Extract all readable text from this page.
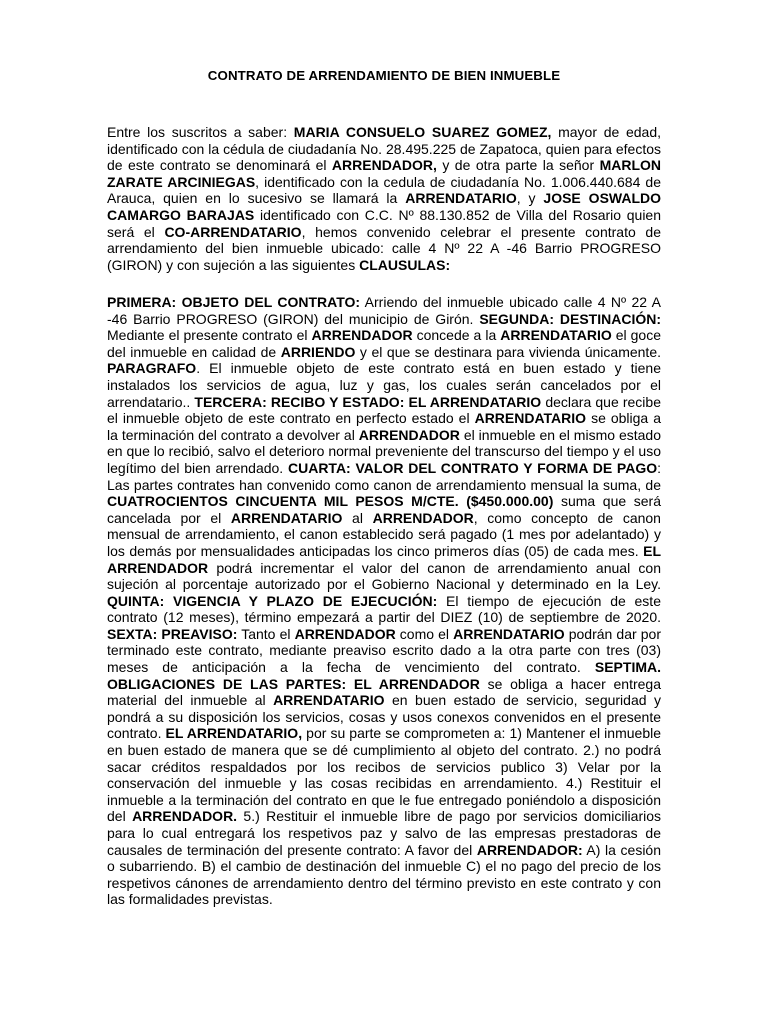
CONTRATO DE ARRENDAMIENTO DE BIEN INMUEBLE
Entre los suscritos a saber: MARIA CONSUELO SUAREZ GOMEZ, mayor de edad, identificado con la cédula de ciudadanía No. 28.495.225 de Zapatoca, quien para efectos de este contrato se denominará el ARRENDADOR, y de otra parte la señor MARLON ZARATE ARCINIEGAS, identificado con la cedula de ciudadanía No. 1.006.440.684 de Arauca, quien en lo sucesivo se llamará la ARRENDATARIO, y JOSE OSWALDO CAMARGO BARAJAS identificado con C.C. Nº 88.130.852 de Villa del Rosario quien será el CO-ARRENDATARIO, hemos convenido celebrar el presente contrato de arrendamiento del bien inmueble ubicado: calle 4 Nº 22 A -46 Barrio PROGRESO (GIRON) y con sujeción a las siguientes CLAUSULAS:
PRIMERA: OBJETO DEL CONTRATO: Arriendo del inmueble ubicado calle 4 Nº 22 A -46 Barrio PROGRESO (GIRON) del municipio de Girón. SEGUNDA: DESTINACIÓN: Mediante el presente contrato el ARRENDADOR concede a la ARRENDATARIO el goce del inmueble en calidad de ARRIENDO y el que se destinara para vivienda únicamente. PARAGRAFO. El inmueble objeto de este contrato está en buen estado y tiene instalados los servicios de agua, luz y gas, los cuales serán cancelados por el arrendatario.. TERCERA: RECIBO Y ESTADO: EL ARRENDATARIO declara que recibe el inmueble objeto de este contrato en perfecto estado el ARRENDATARIO se obliga a la terminación del contrato a devolver al ARRENDADOR el inmueble en el mismo estado en que lo recibió, salvo el deterioro normal preveniente del transcurso del tiempo y el uso legítimo del bien arrendado. CUARTA: VALOR DEL CONTRATO Y FORMA DE PAGO: Las partes contrates han convenido como canon de arrendamiento mensual la suma, de CUATROCIENTOS CINCUENTA MIL PESOS M/CTE. ($450.000.00) suma que será cancelada por el ARRENDATARIO al ARRENDADOR, como concepto de canon mensual de arrendamiento, el canon establecido será pagado (1 mes por adelantado) y los demás por mensualidades anticipadas los cinco primeros días (05) de cada mes. EL ARRENDADOR podrá incrementar el valor del canon de arrendamiento anual con sujeción al porcentaje autorizado por el Gobierno Nacional y determinado en la Ley. QUINTA: VIGENCIA Y PLAZO DE EJECUCIÓN: El tiempo de ejecución de este contrato (12 meses), término empezará a partir del DIEZ (10) de septiembre de 2020. SEXTA: PREAVISO: Tanto el ARRENDADOR como el ARRENDATARIO podrán dar por terminado este contrato, mediante preaviso escrito dado a la otra parte con tres (03) meses de anticipación a la fecha de vencimiento del contrato. SEPTIMA. OBLIGACIONES DE LAS PARTES: EL ARRENDADOR se obliga a hacer entrega material del inmueble al ARRENDATARIO en buen estado de servicio, seguridad y pondrá a su disposición los servicios, cosas y usos conexos convenidos en el presente contrato. EL ARRENDATARIO, por su parte se comprometen a: 1) Mantener el inmueble en buen estado de manera que se dé cumplimiento al objeto del contrato. 2.) no podrá sacar créditos respaldados por los recibos de servicios publico 3) Velar por la conservación del inmueble y las cosas recibidas en arrendamiento. 4.) Restituir el inmueble a la terminación del contrato en que le fue entregado poniéndolo a disposición del ARRENDADOR. 5.) Restituir el inmueble libre de pago por servicios domiciliarios para lo cual entregará los respetivos paz y salvo de las empresas prestadoras de causales de terminación del presente contrato: A favor del ARRENDADOR: A) la cesión o subarriendo. B) el cambio de destinación del inmueble C) el no pago del precio de los respetivos cánones de arrendamiento dentro del término previsto en este contrato y con las formalidades previstas.
